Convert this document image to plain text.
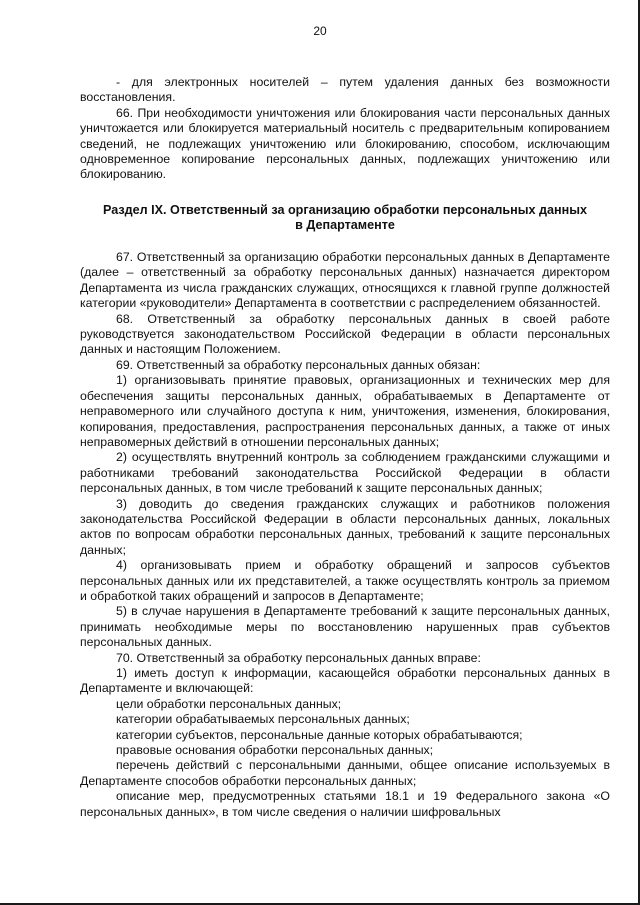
20

- для электронных носителей – путем удаления данных без возможности восстановления.

66. При необходимости уничтожения или блокирования части персональных данных уничтожается или блокируется материальный носитель с предварительным копированием сведений, не подлежащих уничтожению или блокированию, способом, исключающим одновременное копирование персональных данных, подлежащих уничтожению или блокированию.

Раздел IX. Ответственный за организацию обработки персональных данных в Департаменте

67. Ответственный за организацию обработки персональных данных в Департаменте (далее – ответственный за обработку персональных данных) назначается директором Департамента из числа гражданских служащих, относящихся к главной группе должностей категории «руководители» Департамента в соответствии с распределением обязанностей.

68. Ответственный за обработку персональных данных в своей работе руководствуется законодательством Российской Федерации в области персональных данных и настоящим Положением.

69. Ответственный за обработку персональных данных обязан:

1) организовывать принятие правовых, организационных и технических мер для обеспечения защиты персональных данных, обрабатываемых в Департаменте от неправомерного или случайного доступа к ним, уничтожения, изменения, блокирования, копирования, предоставления, распространения персональных данных, а также от иных неправомерных действий в отношении персональных данных;

2) осуществлять внутренний контроль за соблюдением гражданскими служащими и работниками требований законодательства Российской Федерации в области персональных данных, в том числе требований к защите персональных данных;

3) доводить до сведения гражданских служащих и работников положения законодательства Российской Федерации в области персональных данных, локальных актов по вопросам обработки персональных данных, требований к защите персональных данных;

4) организовывать прием и обработку обращений и запросов субъектов персональных данных или их представителей, а также осуществлять контроль за приемом и обработкой таких обращений и запросов в Департаменте;

5) в случае нарушения в Департаменте требований к защите персональных данных, принимать необходимые меры по восстановлению нарушенных прав субъектов персональных данных.

70. Ответственный за обработку персональных данных вправе:

1) иметь доступ к информации, касающейся обработки персональных данных в Департаменте и включающей:

цели обработки персональных данных;

категории обрабатываемых персональных данных;

категории субъектов, персональные данные которых обрабатываются;

правовые основания обработки персональных данных;

перечень действий с персональными данными, общее описание используемых в Департаменте способов обработки персональных данных;

описание мер, предусмотренных статьями 18.1 и 19 Федерального закона «О персональных данных», в том числе сведения о наличии шифровальных
